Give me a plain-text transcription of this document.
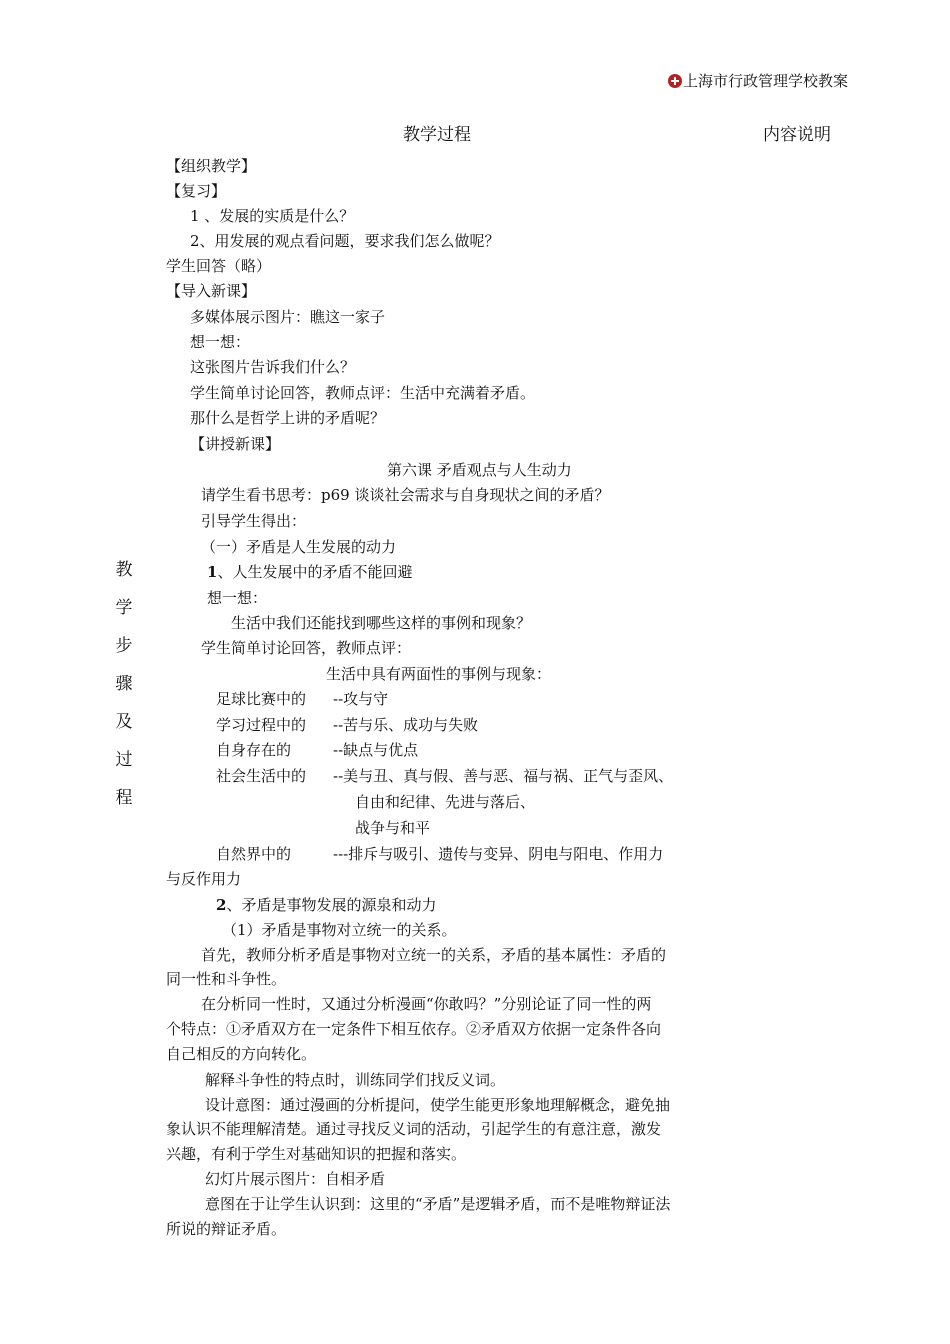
上海市行政管理学校教案
教学过程	内容说明
教
学
步
骤
及
过
程
【组织教学】
【复习】
1 、发展的实质是什么？
2、用发展的观点看问题，要求我们怎么做呢？
学生回答（略）
【导入新课】
多媒体展示图片：瞧这一家子
想一想：
这张图片告诉我们什么？
学生简单讨论回答，教师点评：生活中充满着矛盾。
那什么是哲学上讲的矛盾呢？
【讲授新课】
第六课 矛盾观点与人生动力
请学生看书思考：p69 谈谈社会需求与自身现状之间的矛盾？
引导学生得出：
（一）矛盾是人生发展的动力
1、人生发展中的矛盾不能回避
想一想：
生活中我们还能找到哪些这样的事例和现象？
学生简单讨论回答，教师点评：
生活中具有两面性的事例与现象：
足球比赛中的 --攻与守
学习过程中的 --苦与乐、成功与失败
自身存在的	--缺点与优点
社会生活中的 --美与丑、真与假、善与恶、福与祸、正气与歪风、
自由和纪律、先进与落后、
战争与和平
自然界中的	---排斥与吸引、遗传与变异、阴电与阳电、作用力
与反作用力
2、矛盾是事物发展的源泉和动力
（1）矛盾是事物对立统一的关系。
首先，教师分析矛盾是事物对立统一的关系，矛盾的基本属性：矛盾的
同一性和斗争性。
在分析同一性时，又通过分析漫画“你敢吗？”分别论证了同一性的两
个特点：①矛盾双方在一定条件下相互依存。②矛盾双方依据一定条件各向
自己相反的方向转化。
解释斗争性的特点时，训练同学们找反义词。
设计意图：通过漫画的分析提问，使学生能更形象地理解概念，避免抽
象认识不能理解清楚。通过寻找反义词的活动，引起学生的有意注意，激发
兴趣，有利于学生对基础知识的把握和落实。
幻灯片展示图片：自相矛盾
意图在于让学生认识到：这里的“矛盾”是逻辑矛盾，而不是唯物辩证法
所说的辩证矛盾。
